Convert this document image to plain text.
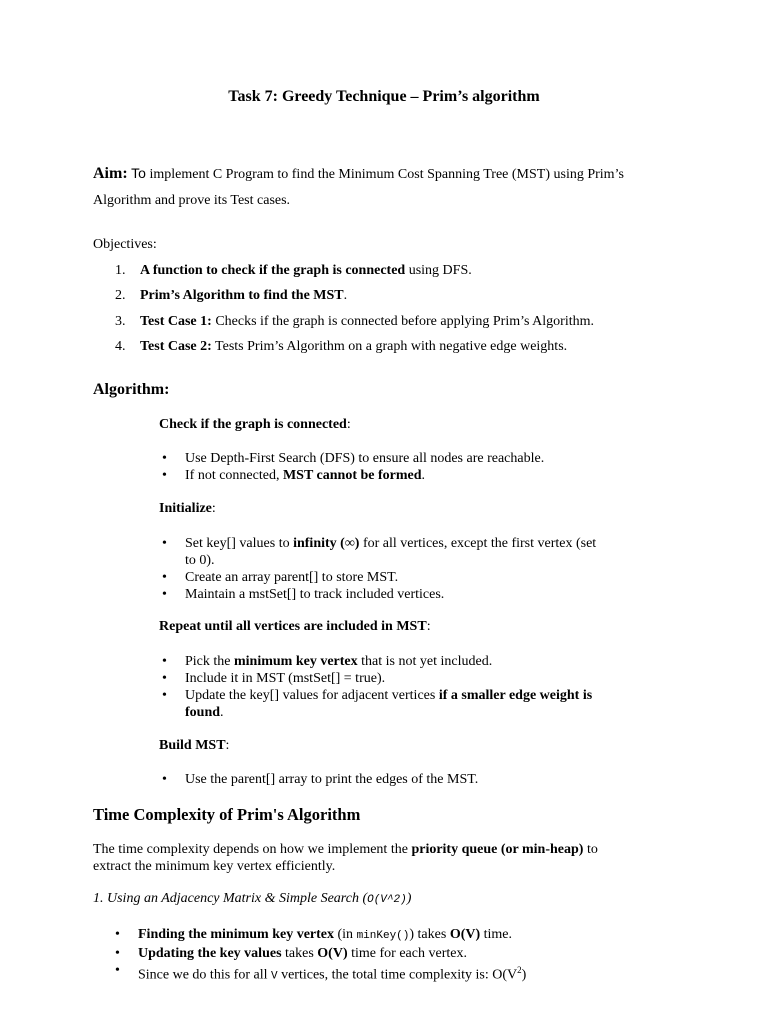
Task 7: Greedy Technique – Prim’s algorithm
Aim: To implement C Program to find the Minimum Cost Spanning Tree (MST) using Prim’s
Algorithm and prove its Test cases.
Objectives:
1. A function to check if the graph is connected using DFS.
2. Prim’s Algorithm to find the MST.
3. Test Case 1: Checks if the graph is connected before applying Prim’s Algorithm.
4. Test Case 2: Tests Prim’s Algorithm on a graph with negative edge weights.
Algorithm:
Check if the graph is connected:
• Use Depth-First Search (DFS) to ensure all nodes are reachable.
• If not connected, MST cannot be formed.
Initialize:
• Set key[] values to infinity (∞) for all vertices, except the first vertex (set
to 0).
• Create an array parent[] to store MST.
• Maintain a mstSet[] to track included vertices.
Repeat until all vertices are included in MST:
• Pick the minimum key vertex that is not yet included.
• Include it in MST (mstSet[] = true).
• Update the key[] values for adjacent vertices if a smaller edge weight is
found.
Build MST:
• Use the parent[] array to print the edges of the MST.
Time Complexity of Prim's Algorithm
The time complexity depends on how we implement the priority queue (or min-heap) to
extract the minimum key vertex efficiently.
1. Using an Adjacency Matrix & Simple Search (O(V^2))
• Finding the minimum key vertex (in minKey()) takes O(V) time.
• Updating the key values takes O(V) time for each vertex.
• Since we do this for all V vertices, the total time complexity is: $O(V^2)$
